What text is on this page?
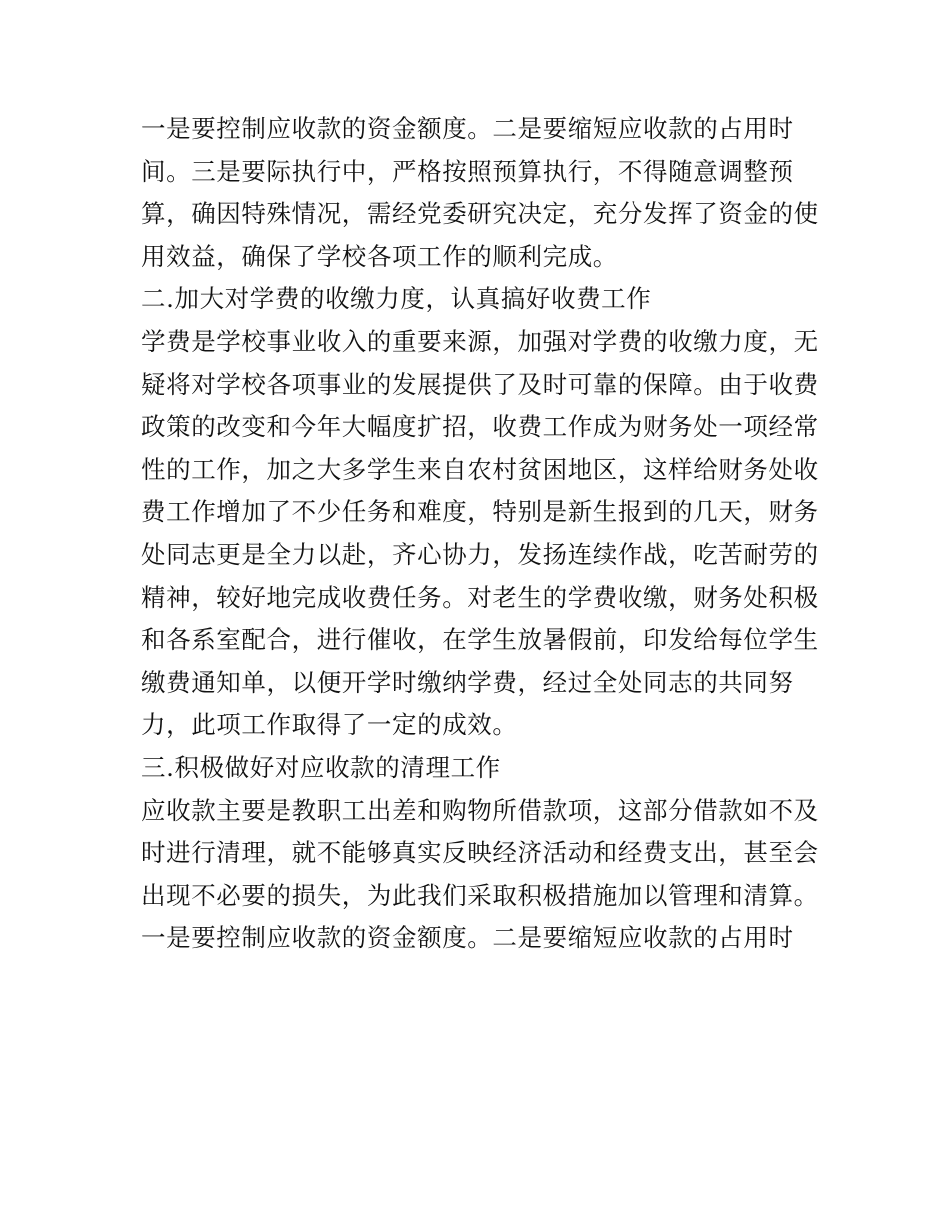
一是要控制应收款的资金额度。二是要缩短应收款的占用时
间。三是要际执行中，严格按照预算执行，不得随意调整预
算，确因特殊情况，需经党委研究决定，充分发挥了资金的使
用效益，确保了学校各项工作的顺利完成。
二.加大对学费的收缴力度，认真搞好收费工作
学费是学校事业收入的重要来源，加强对学费的收缴力度，无
疑将对学校各项事业的发展提供了及时可靠的保障。由于收费
政策的改变和今年大幅度扩招，收费工作成为财务处一项经常
性的工作，加之大多学生来自农村贫困地区，这样给财务处收
费工作增加了不少任务和难度，特别是新生报到的几天，财务
处同志更是全力以赴，齐心协力，发扬连续作战，吃苦耐劳的
精神，较好地完成收费任务。对老生的学费收缴，财务处积极
和各系室配合，进行催收，在学生放暑假前，印发给每位学生
缴费通知单，以便开学时缴纳学费，经过全处同志的共同努
力，此项工作取得了一定的成效。
三.积极做好对应收款的清理工作
应收款主要是教职工出差和购物所借款项，这部分借款如不及
时进行清理，就不能够真实反映经济活动和经费支出，甚至会
出现不必要的损失，为此我们采取积极措施加以管理和清算。
一是要控制应收款的资金额度。二是要缩短应收款的占用时
